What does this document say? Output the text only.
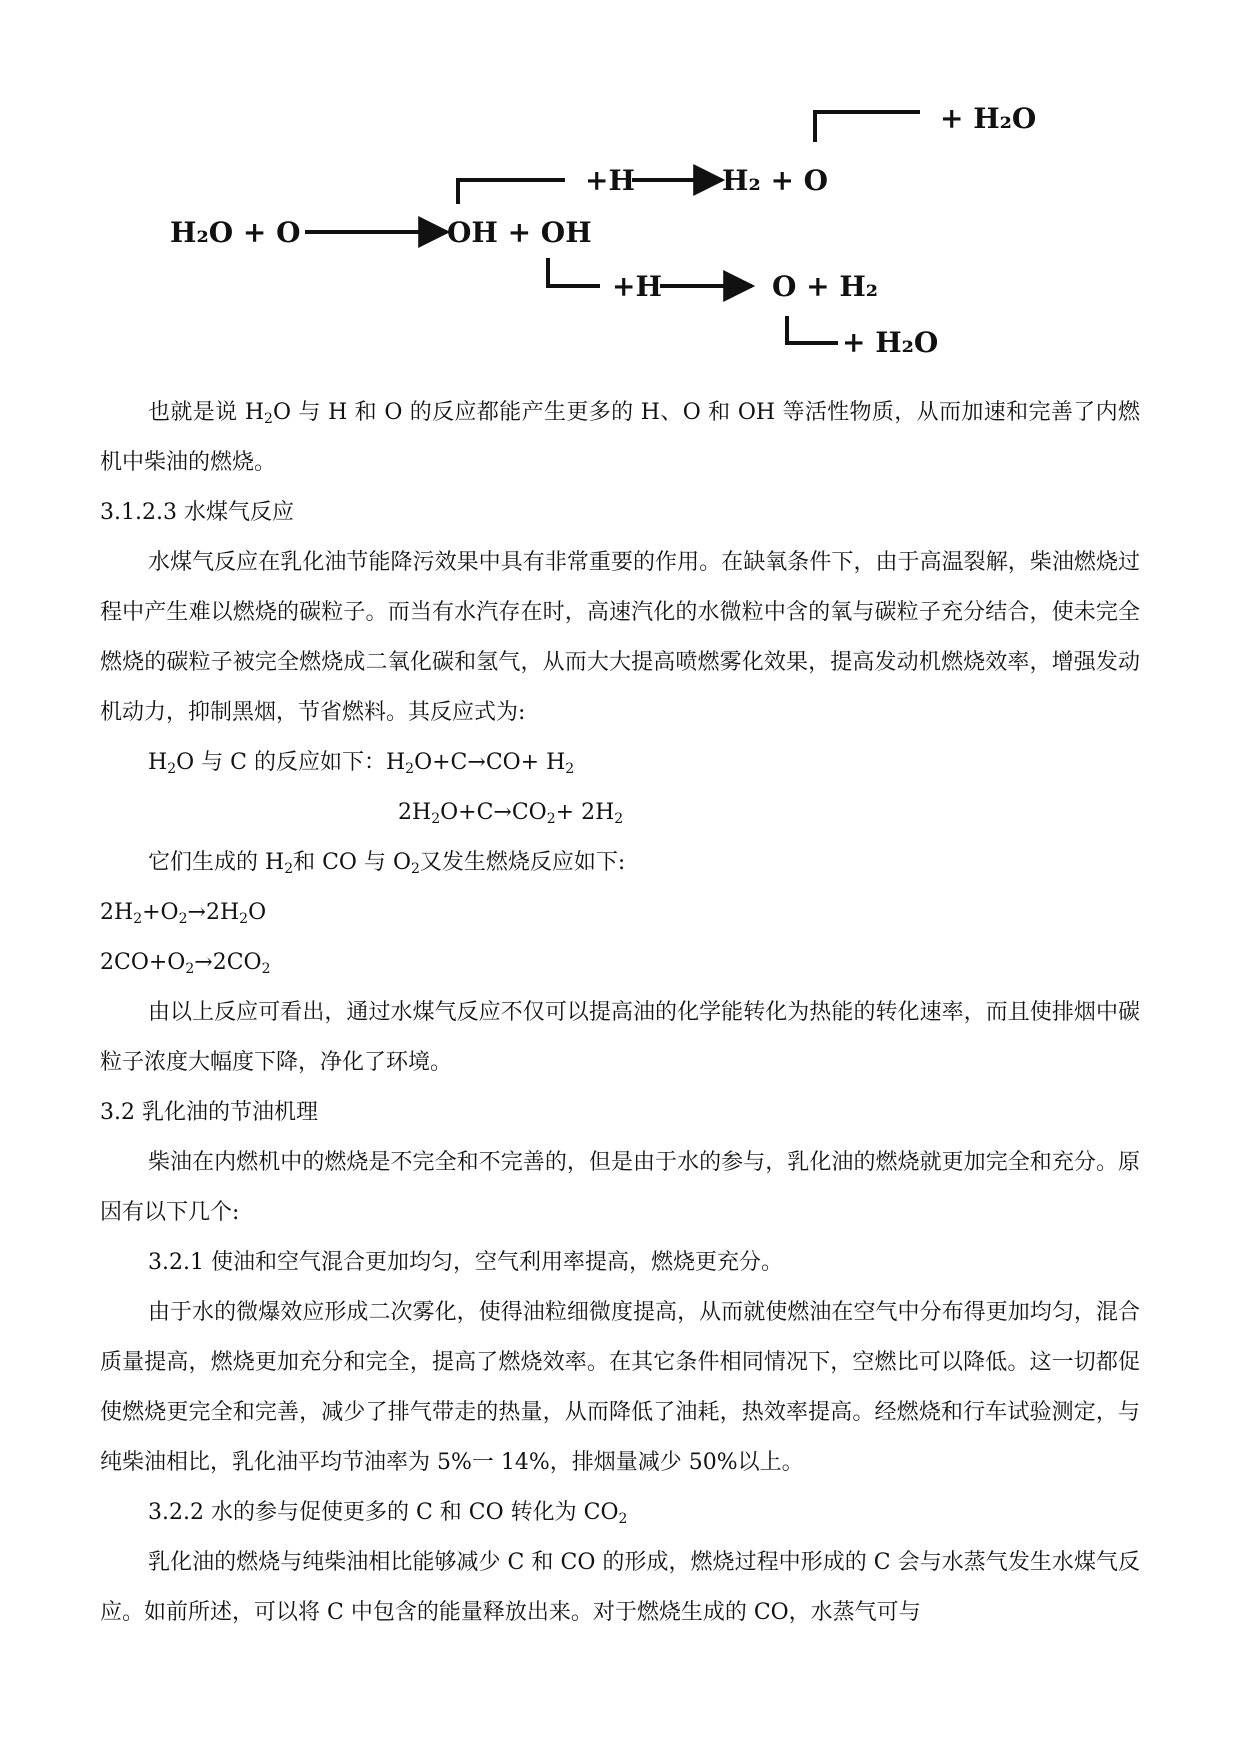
H₂O + O	OH + OH
+H	H₂ + O
+ H₂O
+H	O + H₂
+ H₂O

也就是说 $H_2O$ 与 H 和 O 的反应都能产生更多的 H、O 和 OH 等活性物质，从而加速和完善了内燃机中柴油的燃烧。

3.1.2.3 水煤气反应

水煤气反应在乳化油节能降污效果中具有非常重要的作用。在缺氧条件下，由于高温裂解，柴油燃烧过程中产生难以燃烧的碳粒子。而当有水汽存在时，高速汽化的水微粒中含的氧与碳粒子充分结合，使未完全燃烧的碳粒子被完全燃烧成二氧化碳和氢气，从而大大提高喷燃雾化效果，提高发动机燃烧效率，增强发动机动力，抑制黑烟，节省燃料。其反应式为:

$H_2O$ 与 C 的反应如下：$H_2O+C\to CO+ H_2$

$2H_2O+C\to CO_2+ 2H_2$

它们生成的 $H_2$和 CO 与 $O_2$又发生燃烧反应如下:

$2H_2+O_2\to 2H_2O$

$2CO+O_2\to 2CO_2$

由以上反应可看出，通过水煤气反应不仅可以提高油的化学能转化为热能的转化速率，而且使排烟中碳粒子浓度大幅度下降，净化了环境。

3.2 乳化油的节油机理

柴油在内燃机中的燃烧是不完全和不完善的，但是由于水的参与，乳化油的燃烧就更加完全和充分。原因有以下几个:

3.2.1 使油和空气混合更加均匀，空气利用率提高，燃烧更充分。

由于水的微爆效应形成二次雾化，使得油粒细微度提高，从而就使燃油在空气中分布得更加均匀，混合质量提高，燃烧更加充分和完全，提高了燃烧效率。在其它条件相同情况下，空燃比可以降低。这一切都促使燃烧更完全和完善，减少了排气带走的热量，从而降低了油耗，热效率提高。经燃烧和行车试验测定，与纯柴油相比，乳化油平均节油率为 5%一 14%，排烟量减少 50%以上。

3.2.2 水的参与促使更多的 C 和 CO 转化为 $CO_2$

乳化油的燃烧与纯柴油相比能够减少 C 和 CO 的形成，燃烧过程中形成的 C 会与水蒸气发生水煤气反应。如前所述，可以将 C 中包含的能量释放出来。对于燃烧生成的 CO，水蒸气可与
